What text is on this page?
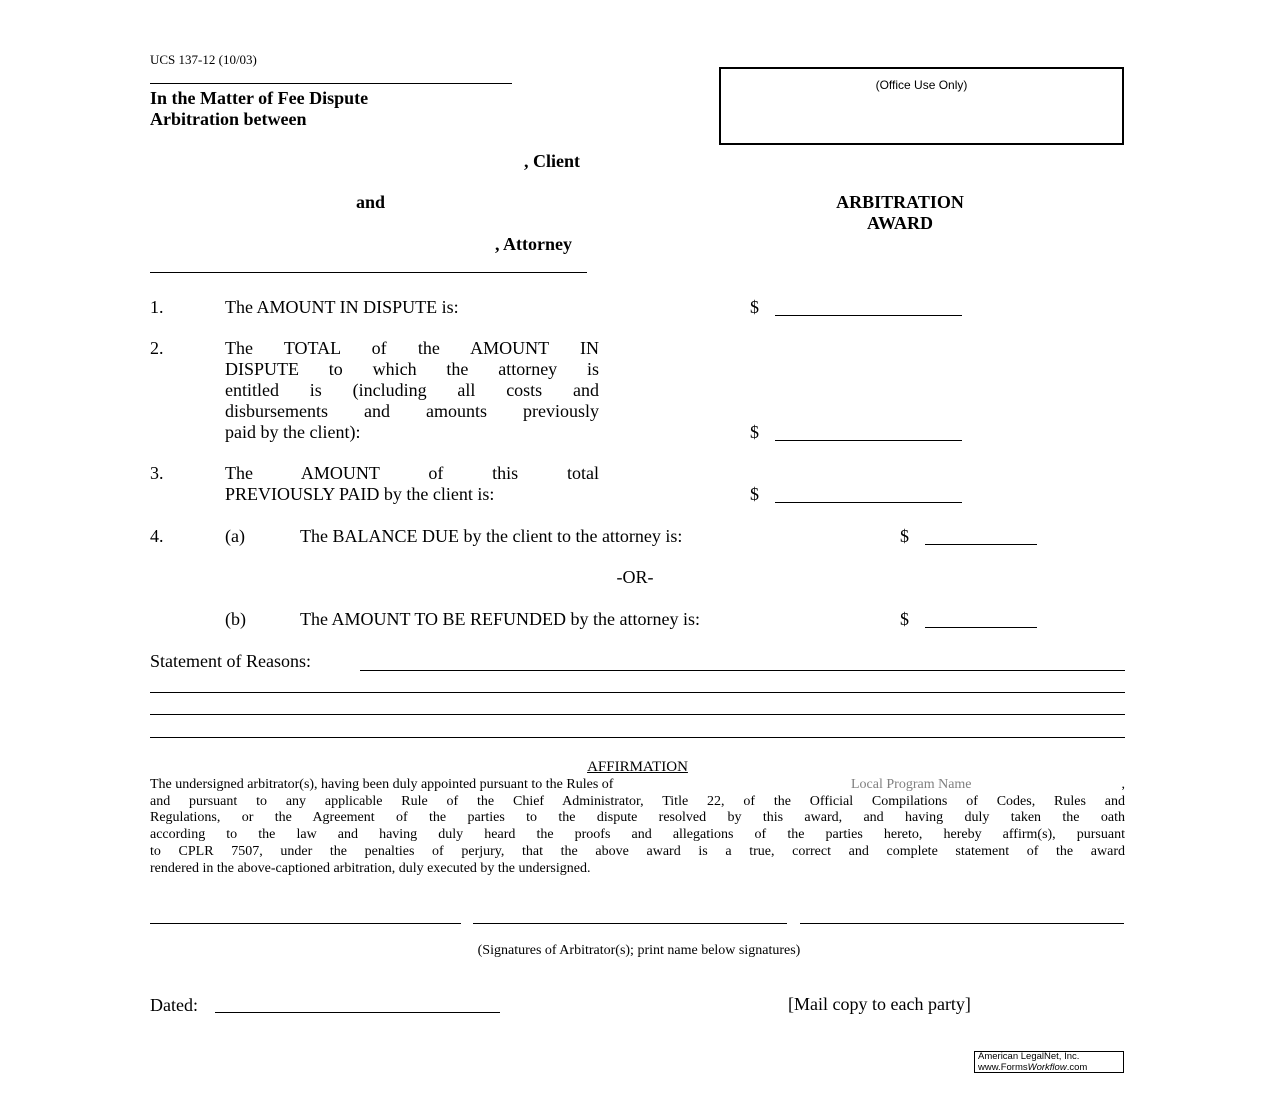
UCS 137-12 (10/03)
(Office Use Only)
In the Matter of Fee Dispute
Arbitration between
, Client
and
, Attorney
ARBITRATION
AWARD
1.	The AMOUNT IN DISPUTE is:	$
2.	The TOTAL of the AMOUNT IN
DISPUTE to which the attorney is
entitled is (including all costs and
disbursements and amounts previously
paid by the client):	$
3.	The AMOUNT of this total
PREVIOUSLY PAID by the client is:	$
4.	(a)	The BALANCE DUE by the client to the attorney is:	$
-OR-
(b)	The AMOUNT TO BE REFUNDED by the attorney is:	$
Statement of Reasons:
AFFIRMATION
The undersigned arbitrator(s), having been duly appointed pursuant to the Rules of	Local Program Name	,
and pursuant to any applicable Rule of the Chief Administrator, Title 22, of the Official Compilations of Codes, Rules and
Regulations, or the Agreement of the parties to the dispute resolved by this award, and having duly taken the oath
according to the law and having duly heard the proofs and allegations of the parties hereto, hereby affirm(s), pursuant
to CPLR 7507, under the penalties of perjury, that the above award is a true, correct and complete statement of the award
rendered in the above-captioned arbitration, duly executed by the undersigned.
(Signatures of Arbitrator(s); print name below signatures)
Dated:	[Mail copy to each party]
American LegalNet, Inc.
www.FormsWorkflow.com
